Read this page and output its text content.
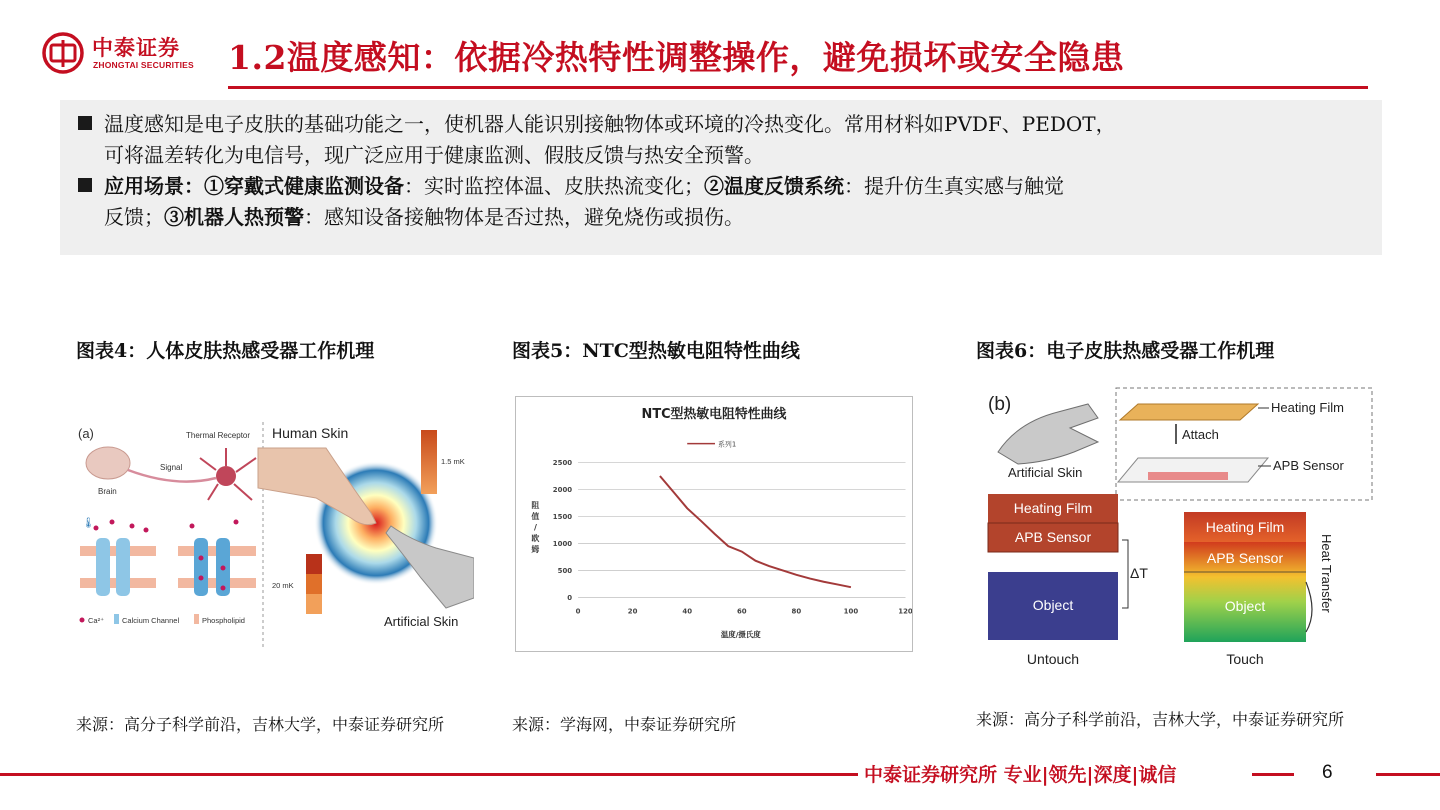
中泰证券
ZHONGTAI SECURITIES 1.2温度感知：依据冷热特性调整操作，避免损坏或安全隐患
温度感知是电子皮肤的基础功能之一，使机器人能识别接触物体或环境的冷热变化。常用材料如PVDF、PEDOT，
可将温差转化为电信号，现广泛应用于健康监测、假肢反馈与热安全预警。
应用场景：①穿戴式健康监测设备：实时监控体温、皮肤热流变化；②温度反馈系统：提升仿生真实感与触觉
反馈；③机器人热预警：感知设备接触物体是否过热，避免烧伤或损伤。
图表4：人体皮肤热感受器工作机理	图表5：NTC型热敏电阻特性曲线	图表6：电子皮肤热感受器工作机理
(a)	Thermal Receptor
Brain
Signal
🌡
Ca²⁺ Calcium Channel	Phospholipid
Human Skin
1.5 mK
20 mK
Artificial Skin
NTC型热敏电阻特性曲线
系列1
0
500
1000
1500
2000
2500
0	20	40	60	80	100	120
阻
值
/
欧
姆
温度/摄氏度
(b)
Artificial Skin
Heating Film
Attach
APB Sensor
Heating Film
APB Sensor
Object
ΔT
Heating Film
APB Sensor
Object	Heat Transfer
Untouch	Touch
来源：高分子科学前沿，吉林大学，中泰证券研究所	来源：学海网，中泰证券研究所	来源：高分子科学前沿，吉林大学，中泰证券研究所
中泰证券研究所 专业|领先|深度|诚信	6
